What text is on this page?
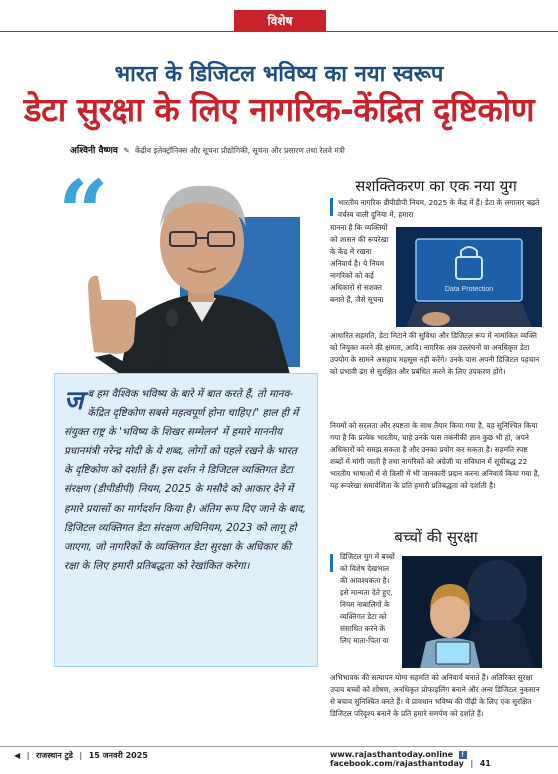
विशेष
भारत के डिजिटल भविष्य का नया स्वरूप
डेटा सुरक्षा के लिए नागरिक-केंद्रित दृष्टिकोण
अश्विनी वैष्णव ✎ केंद्रीय इलेक्ट्रॉनिक्स और सूचना प्रौद्योगिकी, सूचना और प्रसारण तथा रेलवे मंत्री
“
जब हम वैश्विक भविष्य के बारे में बात करते हैं, तो मानव-केंद्रित दृष्टिकोण सबसे महत्वपूर्ण होना चाहिए।" हाल ही में संयुक्त राष्ट्र के 'भविष्य के शिखर सम्मेलन' में हमारे माननीय प्रधानमंत्री नरेन्द्र मोदी के ये शब्द, लोगों को पहले रखने के भारत के दृष्टिकोण को दर्शाते हैं। इस दर्शन ने डिजिटल व्यक्तिगत डेटा संरक्षण (डीपीडीपी) नियम, 2025 के मसौदे को आकार देने में हमारे प्रयासों का मार्गदर्शन किया है। अंतिम रूप दिए जाने के बाद, डिजिटल व्यक्तिगत डेटा संरक्षण अधिनियम, 2023 को लागू हो जाएगा, जो नागरिकों के व्यक्तिगत डेटा सुरक्षा के अधिकार की रक्षा के लिए हमारी प्रतिबद्धता को रेखांकित करेगा।
सशक्तिकरण का एक नया युग
भारतीय नागरिक डीपीडीपी नियम, 2025 के केंद्र में हैं। डेटा के लगातार बढ़ते वर्चस्व वाली दुनिया में, हमारा
मानना है कि व्यक्तियों को शासन की रूपरेखा के केंद्र में रखना अनिवार्य है। ये नियम नागरिकों को कई अधिकारों से सशक्त बनाते हैं, जैसे सूचना
Data Protection
आधारित सहमति, डेटा मिटाने की सुविधा और डिजिटल रूप में नामांकित व्यक्ति को नियुक्त करने की क्षमता, आदि। नागरिक अब उल्लंघनों या अनधिकृत डेटा उपयोग के सामने असहाय महसूस नहीं करेंगे। उनके पास अपनी डिजिटल पहचान को प्रभावी ढंग से सुरक्षित और प्रबंधित करने के लिए उपकरण होंगे।
नियमों को सरलता और स्पष्टता के साथ तैयार किया गया है, यह सुनिश्चित किया गया है कि प्रत्येक भारतीय, चाहे उनके पास तकनीकी ज्ञान कुछ भी हो, अपने अधिकारों को समझ सकता है और उनका प्रयोग कर सकता है। सहमति स्पष्ट शब्दों में मांगी जाती है तथा नागरिकों को अंग्रेजी या संविधान में सूचीबद्ध 22 भारतीय भाषाओं में से किसी में भी जानकारी प्रदान करना अनिवार्य किया गया है, यह रूपरेखा समावेशिता के प्रति हमारी प्रतिबद्धता को दर्शाती है।
बच्चों की सुरक्षा
डिजिटल युग में बच्चों को विशेष देखभाल की आवश्यकता है। इसे मान्यता देते हुए, नियम नाबालिगों के व्यक्तिगत डेटा को संसाधित करने के लिए माता-पिता या
अभिभावक की सत्यापन योग्य सहमति को अनिवार्य बनाते हैं। अतिरिक्त सुरक्षा उपाय बच्चों को शोषण, अनधिकृत प्रोफाइलिंग बनाने और अन्य डिजिटल नुकसान से बचाव सुनिश्चित करते हैं। ये प्रावधान भविष्य की पीढ़ी के लिए एक सुरक्षित डिजिटल परिदृश्य बनाने के प्रति हमारे समर्पण को दर्शाते हैं।
◀ | राजस्थान टुडे | 15 जनवरी 2025	www.rajasthantoday.online f facebook.com/rajasthantoday | 41
